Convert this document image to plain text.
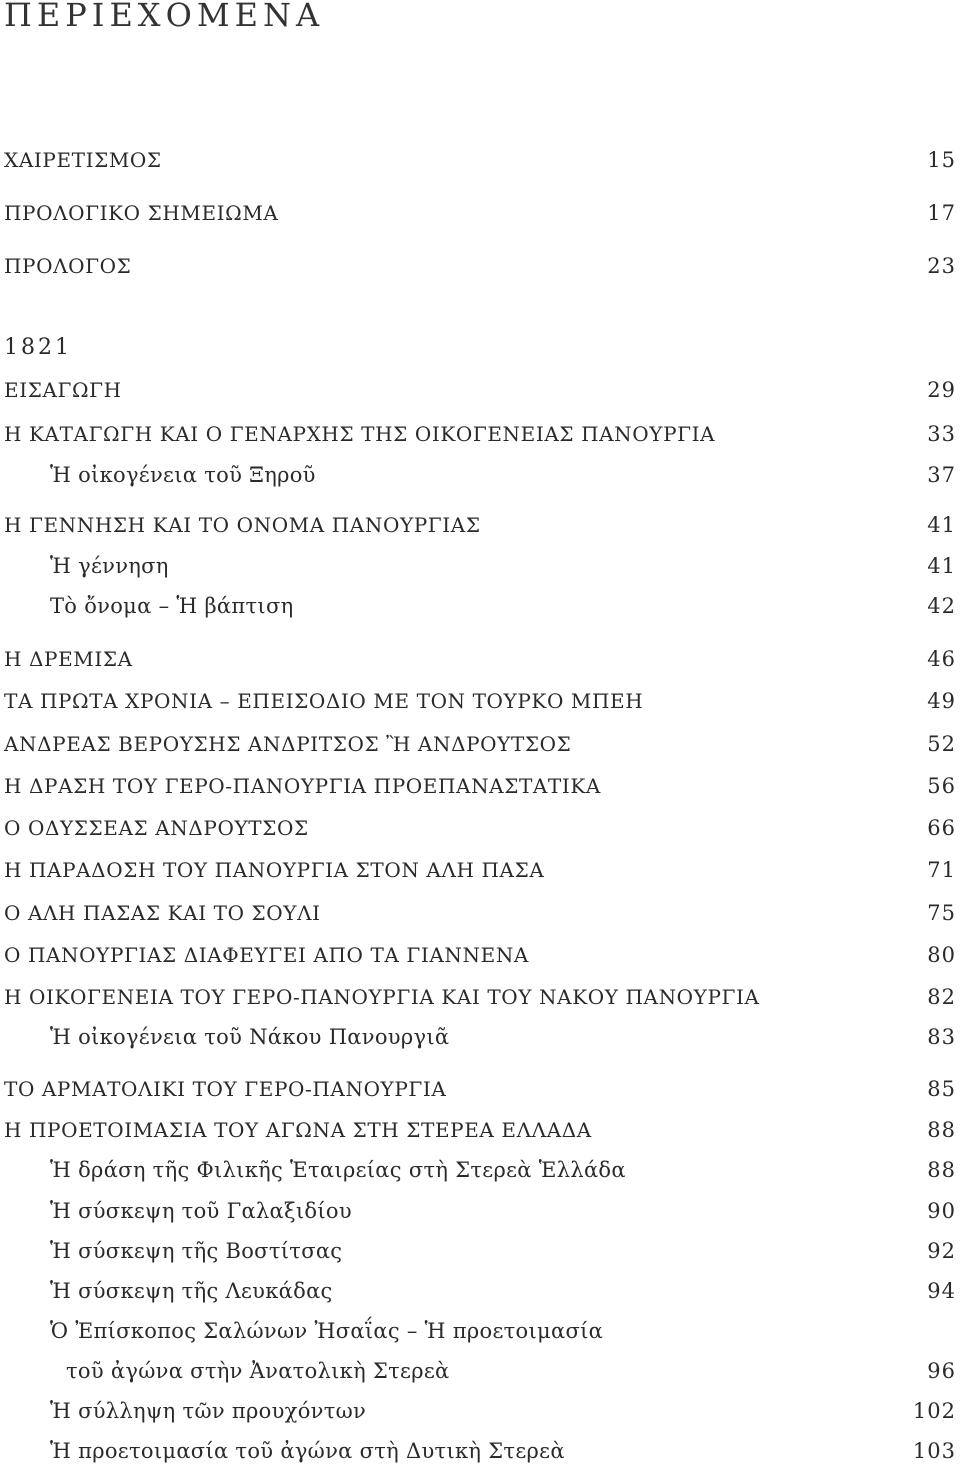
ΠΕΡΙΕΧΟΜΕΝΑ
ΧΑΙΡΕΤΙΣΜΟΣ	15
ΠΡΟΛΟΓΙΚΟ ΣΗΜΕΙΩΜΑ	17
ΠΡΟΛΟΓΟΣ	23
1821
ΕΙΣΑΓΩΓΗ	29
Η ΚΑΤΑΓΩΓΗ ΚΑΙ Ο ΓΕΝΑΡΧΗΣ ΤΗΣ ΟΙΚΟΓΕΝΕΙΑΣ ΠΑΝΟΥΡΓΙΑ	33
Ἡ οἰκογένεια τοῦ Ξηροῦ	37
Η ΓΕΝΝΗΣΗ ΚΑΙ ΤΟ ΟΝΟΜΑ ΠΑΝΟΥΡΓΙΑΣ	41
Ἡ γέννηση	41
Τὸ ὄνομα – Ἡ βάπτιση	42
Η ΔΡΕΜΙΣΑ	46
ΤΑ ΠΡΩΤΑ ΧΡΟΝΙΑ – ΕΠΕΙΣΟΔΙΟ ΜΕ ΤΟΝ ΤΟΥΡΚΟ ΜΠΕΗ	49
ΑΝΔΡΕΑΣ ΒΕΡΟΥΣΗΣ ΑΝΔΡΙΤΣΟΣ Ἢ ΑΝΔΡΟΥΤΣΟΣ	52
Η ΔΡΑΣΗ ΤΟΥ ΓΕΡΟ-ΠΑΝΟΥΡΓΙΑ ΠΡΟΕΠΑΝΑΣΤΑΤΙΚΑ	56
Ο ΟΔΥΣΣΕΑΣ ΑΝΔΡΟΥΤΣΟΣ	66
Η ΠΑΡΑΔΟΣΗ ΤΟΥ ΠΑΝΟΥΡΓΙΑ ΣΤΟΝ ΑΛΗ ΠΑΣΑ	71
Ο ΑΛΗ ΠΑΣΑΣ ΚΑΙ ΤΟ ΣΟΥΛΙ	75
Ο ΠΑΝΟΥΡΓΙΑΣ ΔΙΑΦΕΥΓΕΙ ΑΠΟ ΤΑ ΓΙΑΝΝΕΝΑ	80
Η ΟΙΚΟΓΕΝΕΙΑ ΤΟΥ ΓΕΡΟ-ΠΑΝΟΥΡΓΙΑ ΚΑΙ ΤΟΥ ΝΑΚΟΥ ΠΑΝΟΥΡΓΙΑ	82
Ἡ οἰκογένεια τοῦ Νάκου Πανουργιᾶ	83
ΤΟ ΑΡΜΑΤΟΛΙΚΙ ΤΟΥ ΓΕΡΟ-ΠΑΝΟΥΡΓΙΑ	85
Η ΠΡΟΕΤΟΙΜΑΣΙΑ ΤΟΥ ΑΓΩΝΑ ΣΤΗ ΣΤΕΡΕΑ ΕΛΛΑΔΑ	88
Ἡ δράση τῆς Φιλικῆς Ἑταιρείας στὴ Στερεὰ Ἑλλάδα	88
Ἡ σύσκεψη τοῦ Γαλαξιδίου	90
Ἡ σύσκεψη τῆς Βοστίτσας	92
Ἡ σύσκεψη τῆς Λευκάδας	94
Ὁ Ἐπίσκοπος Σαλώνων Ἠσαΐας – Ἡ προετοιμασία
τοῦ ἀγώνα στὴν Ἀνατολικὴ Στερεὰ	96
Ἡ σύλληψη τῶν προυχόντων	102
Ἡ προετοιμασία τοῦ ἀγώνα στὴ Δυτικὴ Στερεὰ	103
